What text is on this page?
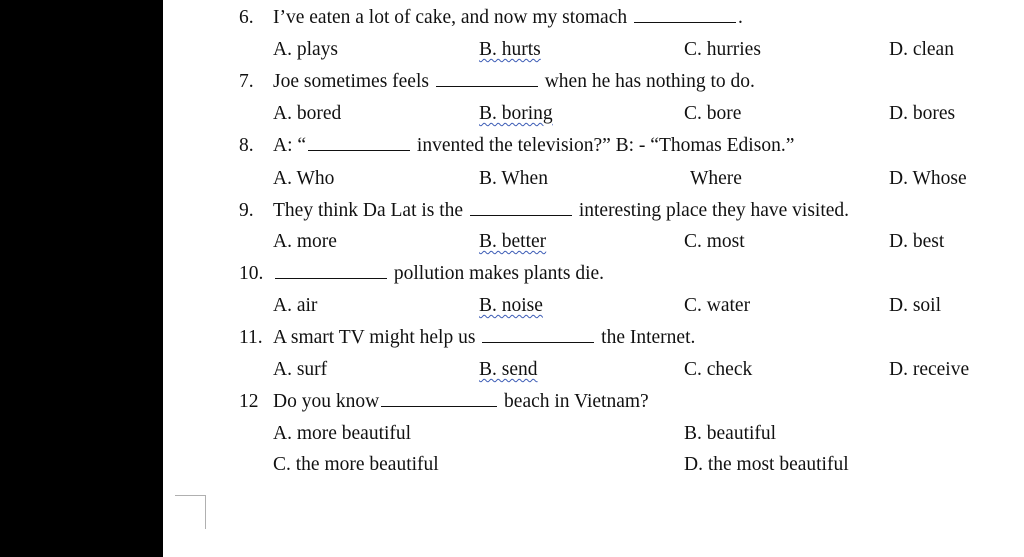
6. I’ve eaten a lot of cake, and now my stomach	.
A. plays	B. hurts	C. hurries	D. clean
7. Joe sometimes feels	when he has nothing to do.
A. bored	B. boring	C. bore	D. bores
8. A: “	invented the television?” B: - “Thomas Edison.”
A. Who	B. When	Where	D. Whose
9. They think Da Lat is the	interesting place they have visited.
A. more	B. better	C. most	D. best
10.	pollution makes plants die.
A. air	B. noise	C. water	D. soil
11. A smart TV might help us	the Internet.
A. surf	B. send	C. check	D. receive
12 Do you know	beach in Vietnam?
A. more beautiful	B. beautiful
C. the more beautiful	D. the most beautiful
